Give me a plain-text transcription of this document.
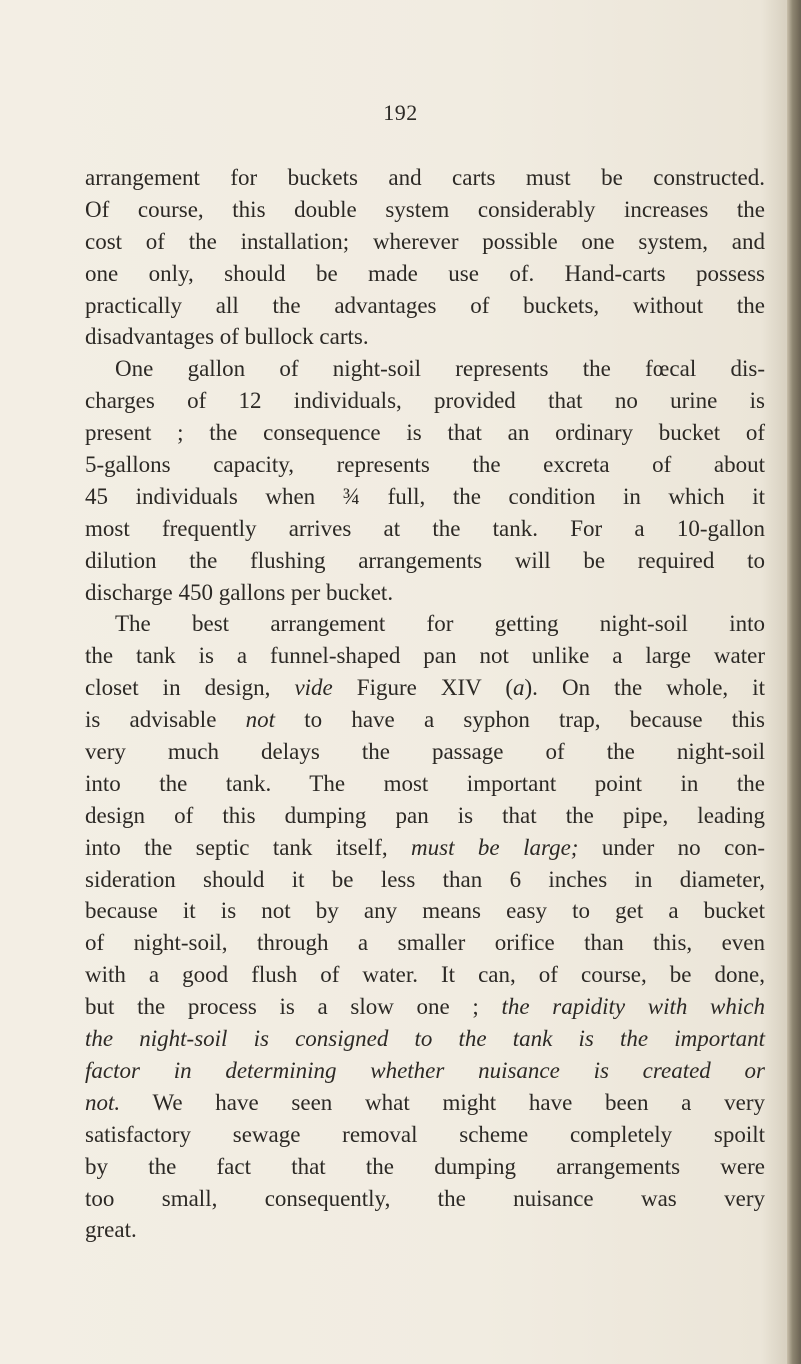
192
arrangement for buckets and carts must be constructed.
Of course, this double system considerably increases the
cost of the installation; wherever possible one system, and
one only, should be made use of. Hand-carts possess
practically all the advantages of buckets, without the
disadvantages of bullock carts.
One gallon of night-soil represents the fœcal dis-
charges of 12 individuals, provided that no urine is
present ; the consequence is that an ordinary bucket of
5-gallons capacity, represents the excreta of about
45 individuals when ¾ full, the condition in which it
most frequently arrives at the tank. For a 10-gallon
dilution the flushing arrangements will be required to
discharge 450 gallons per bucket.
The best arrangement for getting night-soil into
the tank is a funnel-shaped pan not unlike a large water
closet in design, vide Figure XIV (a). On the whole, it
is advisable not to have a syphon trap, because this
very much delays the passage of the night-soil
into the tank. The most important point in the
design of this dumping pan is that the pipe, leading
into the septic tank itself, must be large; under no con-
sideration should it be less than 6 inches in diameter,
because it is not by any means easy to get a bucket
of night-soil, through a smaller orifice than this, even
with a good flush of water. It can, of course, be done,
but the process is a slow one ; the rapidity with which
the night-soil is consigned to the tank is the important
factor in determining whether nuisance is created or
not. We have seen what might have been a very
satisfactory sewage removal scheme completely spoilt
by the fact that the dumping arrangements were
too small, consequently, the nuisance was very
great.
